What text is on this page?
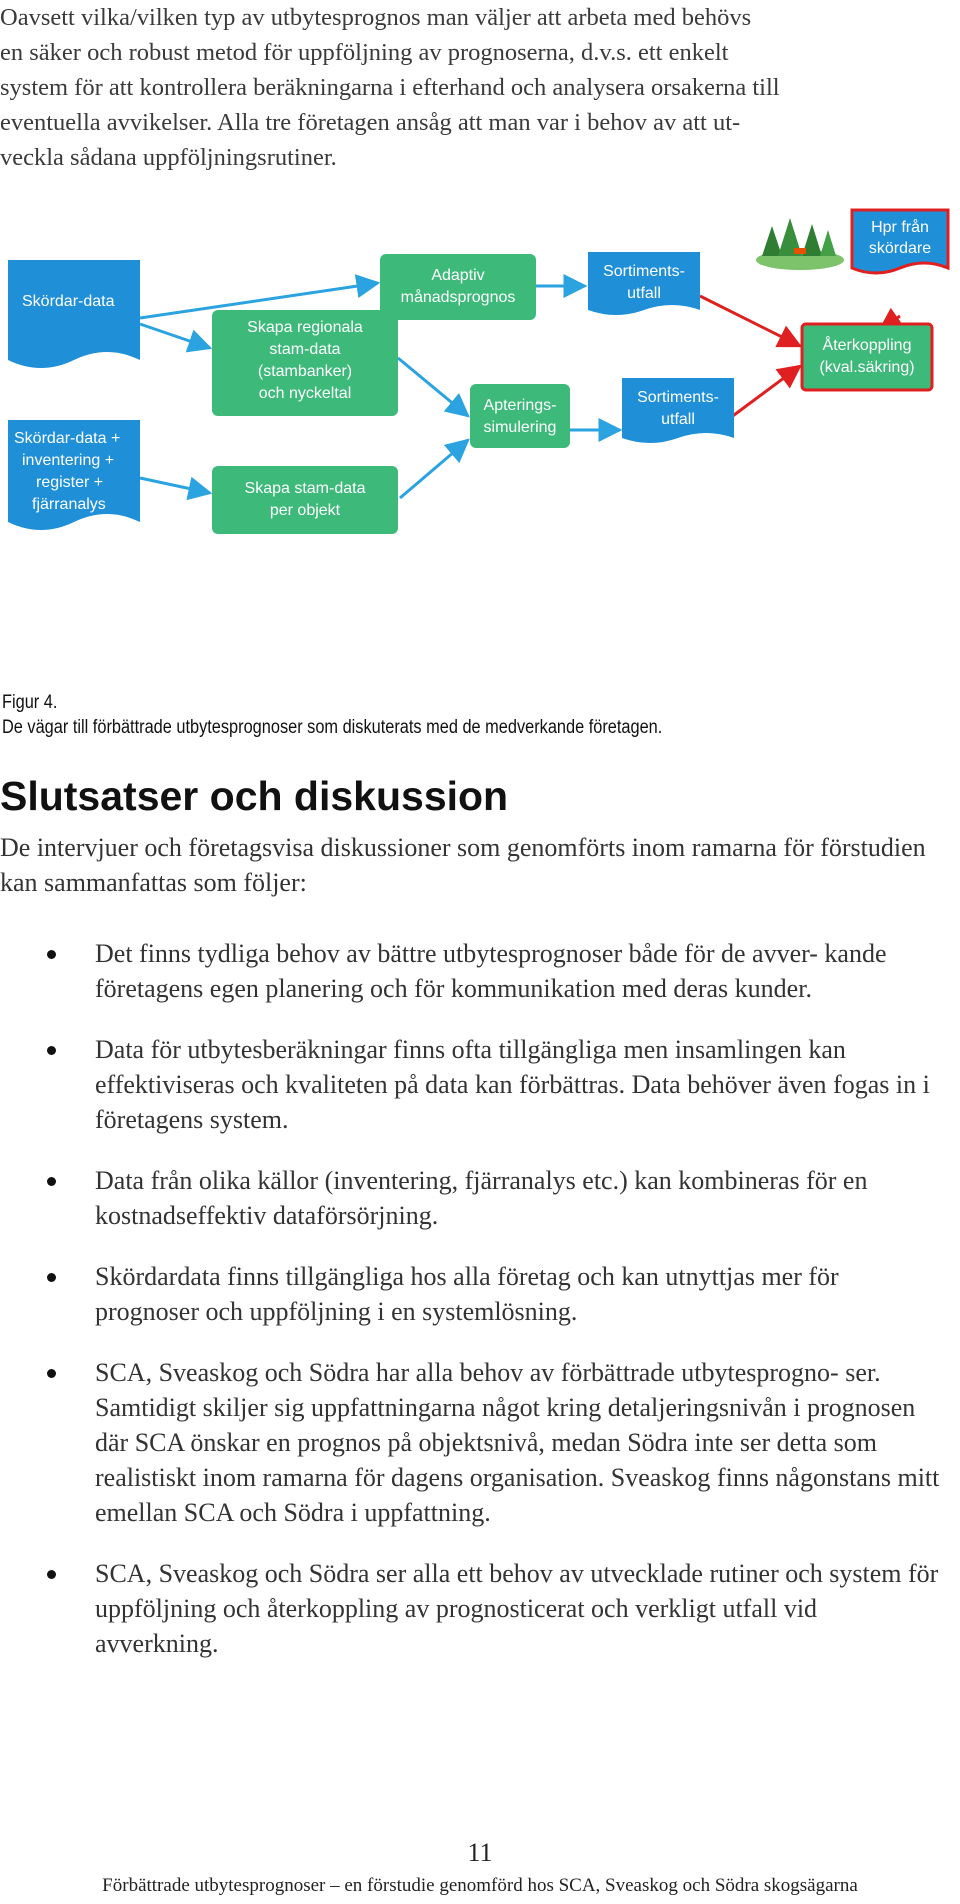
Oavsett vilka/vilken typ av utbytesprognos man väljer att arbeta med behövs

en säker och robust metod för uppföljning av prognoserna, d.v.s. ett enkelt

system för att kontrollera beräkningarna i efterhand och analysera orsakerna till

eventuella avvikelser. Alla tre företagen ansåg att man var i behov av att ut-

veckla sådana uppföljningsrutiner.

Skördar-data
Skördar-data +
inventering +
register +
fjärranalys
Skapa regionala
stam-data
(stambanker)
och nyckeltal
Skapa stam-data
per objekt
Adaptiv
månadsprognos
Apterings-
simulering
Sortiments-
utfall
Sortiments-
utfall
Hpr från
skördare
Återkoppling
(kval.säkring)
Figur 4.
De vägar till förbättrade utbytesprognoser som diskuterats med de medverkande företagen.
Slutsatser och diskussion

De intervjuer och företagsvisa diskussioner som genomförts inom ramarna för förstudien kan sammanfattas som följer:

Det finns tydliga behov av bättre utbytesprognoser både för de avver- kande företagens egen planering och för kommunikation med deras kunder.
Data för utbytesberäkningar finns ofta tillgängliga men insamlingen kan effektiviseras och kvaliteten på data kan förbättras. Data behöver även fogas in i företagens system.
Data från olika källor (inventering, fjärranalys etc.) kan kombineras för en kostnadseffektiv dataförsörjning.
Skördardata finns tillgängliga hos alla företag och kan utnyttjas mer för prognoser och uppföljning i en systemlösning.
SCA, Sveaskog och Södra har alla behov av förbättrade utbytesprogno- ser. Samtidigt skiljer sig uppfattningarna något kring detaljeringsnivån i prognosen där SCA önskar en prognos på objektsnivå, medan Södra inte ser detta som realistiskt inom ramarna för dagens organisation. Sveaskog finns någonstans mitt emellan SCA och Södra i uppfattning.
SCA, Sveaskog och Södra ser alla ett behov av utvecklade rutiner och system för uppföljning och återkoppling av prognosticerat och verkligt utfall vid avverkning.
11
Förbättrade utbytesprognoser – en förstudie genomförd hos SCA, Sveaskog och Södra skogsägarna
